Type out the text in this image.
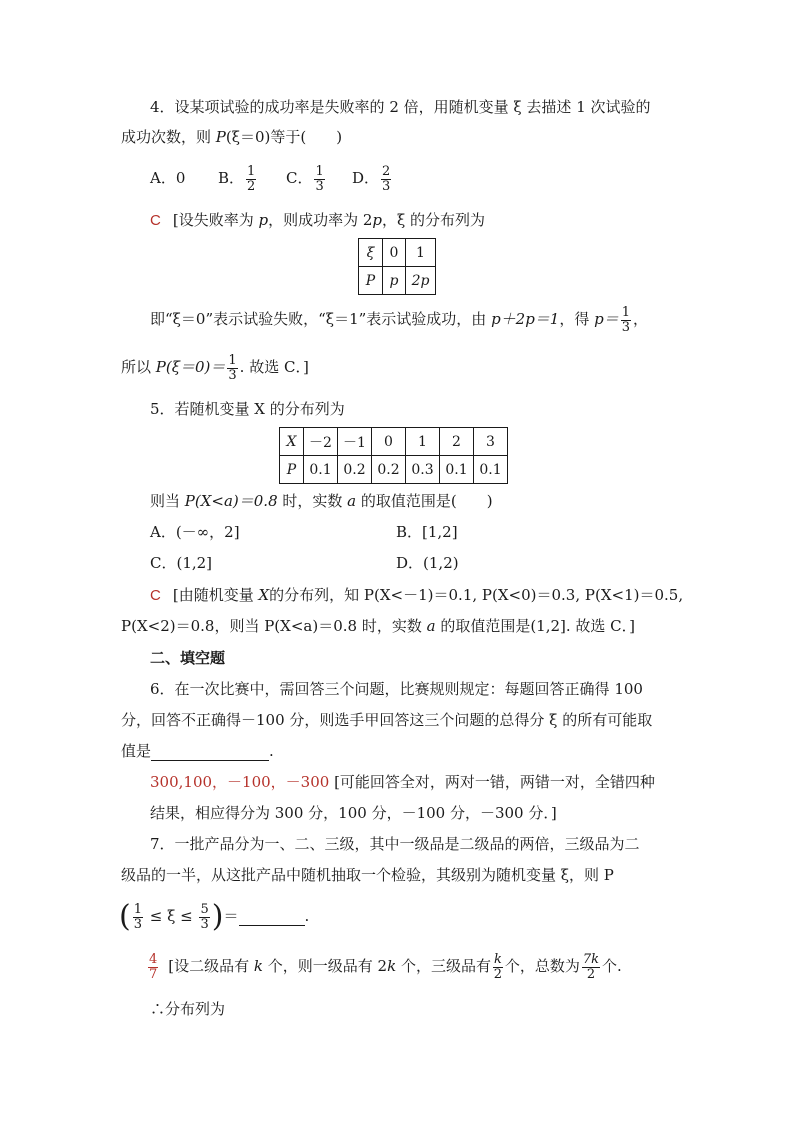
4．设某项试验的成功率是失败率的 2 倍，用随机变量 ξ 去描述 1 次试验的
成功次数，则 P(ξ＝0)等于(　　)
A．0 B． $\frac{1}{2}$ C． $\frac{1}{3}$ D． $\frac{2}{3}$
C [设失败率为 p，则成功率为 2p，ξ 的分布列为
ξ	0	1
P	p	2p
即“ξ＝0”表示试验失败，“ξ＝1”表示试验成功，由 p＋2p＝1，得 $p= \frac{1}{3}$ ，
所以 $P(\xi=0)= \frac{1}{3}$ . 故选 C．]
5．若随机变量 X 的分布列为
X	－2	－1	0	1	2	3
P	0.1	0.2	0.2	0.3	0.1	0.1
则当 P(X<a)＝0.8 时，实数 a 的取值范围是(　　)
A．(－∞，2]	B．[1,2]
C．(1,2]	D．(1,2)
C [由随机变量 X的分布列，知 P(X<－1)＝0.1, P(X<0)＝0.3, P(X<1)＝0.5,
P(X<2)＝0.8，则当 P(X<a)＝0.8 时，实数 a 的取值范围是(1,2]. 故选 C．]
二、填空题
6．在一次比赛中，需回答三个问题，比赛规则规定：每题回答正确得 100
分，回答不正确得－100 分，则选手甲回答这三个问题的总得分 ξ 的所有可能取
值是	.
300,100，－100，－300 [可能回答全对，两对一错，两错一对，全错四种
结果，相应得分为 300 分，100 分，－100 分，－300 分．]
7．一批产品分为一、二、三级，其中一级品是二级品的两倍，三级品为二
级品的一半，从这批产品中随机抽取一个检验，其级别为随机变量 ξ，则 P
( $\frac{1}{3} \le \xi \le \frac{5}{3}$ )＝	.
$\frac{4}{7}$ [设二级品有 k 个，则一级品有 2k 个，三级品有 $\frac{k}{2}$ 个，总数为 $\frac{7k}{2}$ 个.
∴分布列为
